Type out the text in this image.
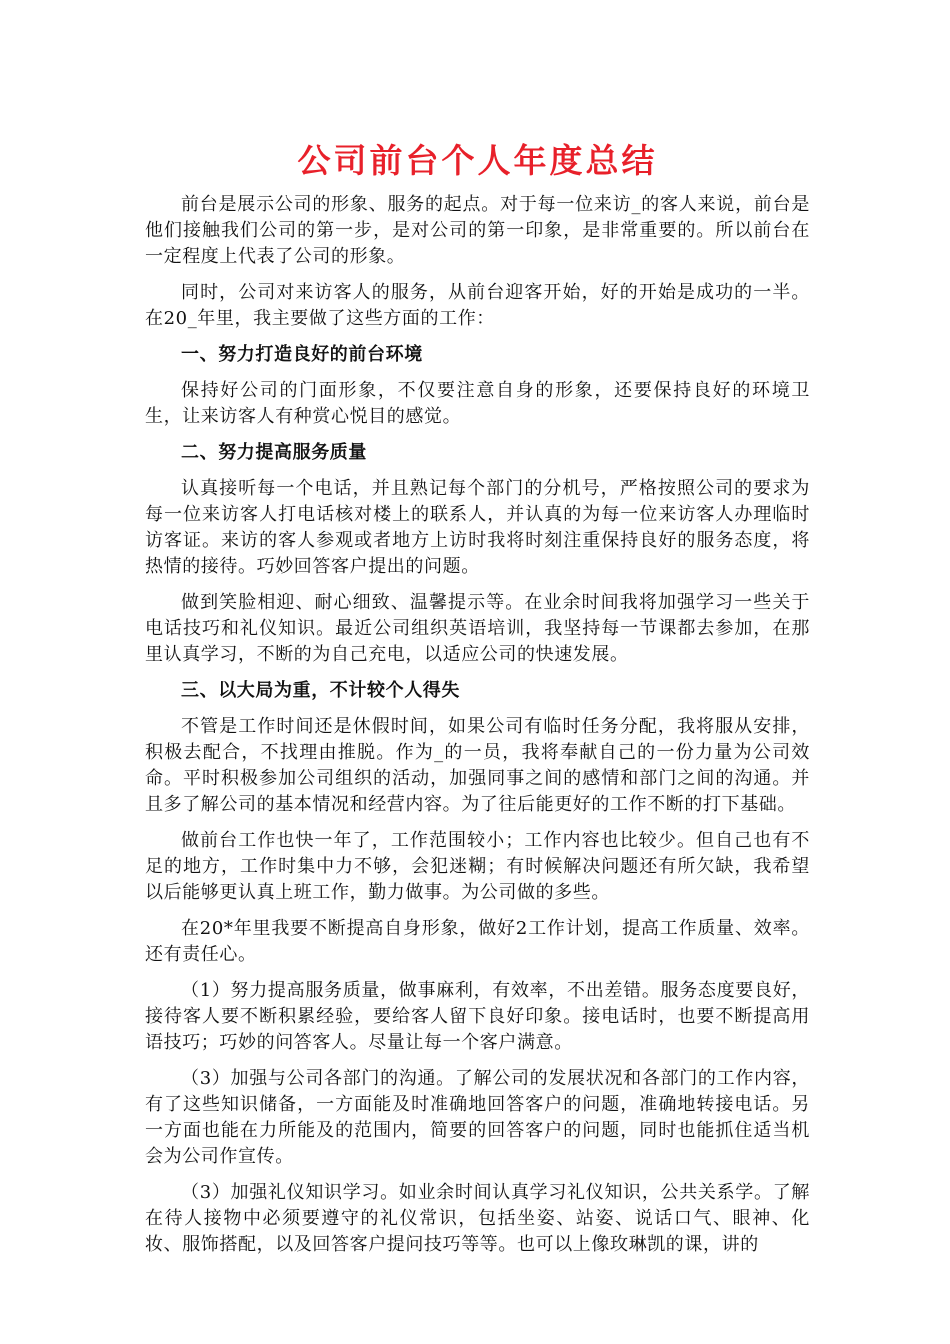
公司前台个人年度总结

前台是展示公司的形象、服务的起点。对于每一位来访_的客人来说，前台是他们接触我们公司的第一步，是对公司的第一印象，是非常重要的。所以前台在一定程度上代表了公司的形象。

同时，公司对来访客人的服务，从前台迎客开始，好的开始是成功的一半。在20_年里，我主要做了这些方面的工作：

一、努力打造良好的前台环境

保持好公司的门面形象，不仅要注意自身的形象，还要保持良好的环境卫生，让来访客人有种赏心悦目的感觉。

二、努力提高服务质量

认真接听每一个电话，并且熟记每个部门的分机号，严格按照公司的要求为每一位来访客人打电话核对楼上的联系人，并认真的为每一位来访客人办理临时访客证。来访的客人参观或者地方上访时我将时刻注重保持良好的服务态度，将热情的接待。巧妙回答客户提出的问题。

做到笑脸相迎、耐心细致、温馨提示等。在业余时间我将加强学习一些关于电话技巧和礼仪知识。最近公司组织英语培训，我坚持每一节课都去参加，在那里认真学习，不断的为自己充电，以适应公司的快速发展。

三、以大局为重，不计较个人得失

不管是工作时间还是休假时间，如果公司有临时任务分配，我将服从安排，积极去配合，不找理由推脱。作为_的一员，我将奉献自己的一份力量为公司效命。平时积极参加公司组织的活动，加强同事之间的感情和部门之间的沟通。并且多了解公司的基本情况和经营内容。为了往后能更好的工作不断的打下基础。

做前台工作也快一年了，工作范围较小；工作内容也比较少。但自己也有不足的地方，工作时集中力不够，会犯迷糊；有时候解决问题还有所欠缺，我希望以后能够更认真上班工作，勤力做事。为公司做的多些。

在20*年里我要不断提高自身形象，做好2工作计划，提高工作质量、效率。还有责任心。

（1）努力提高服务质量，做事麻利，有效率，不出差错。服务态度要良好，接待客人要不断积累经验，要给客人留下良好印象。接电话时，也要不断提高用语技巧；巧妙的问答客人。尽量让每一个客户满意。

（3）加强与公司各部门的沟通。了解公司的发展状况和各部门的工作内容，有了这些知识储备，一方面能及时准确地回答客户的问题，准确地转接电话。另一方面也能在力所能及的范围内，简要的回答客户的问题，同时也能抓住适当机会为公司作宣传。

（3）加强礼仪知识学习。如业余时间认真学习礼仪知识，公共关系学。了解在待人接物中必须要遵守的礼仪常识，包括坐姿、站姿、说话口气、眼神、化妆、服饰搭配，以及回答客户提问技巧等等。也可以上像玫琳凯的课，讲的
